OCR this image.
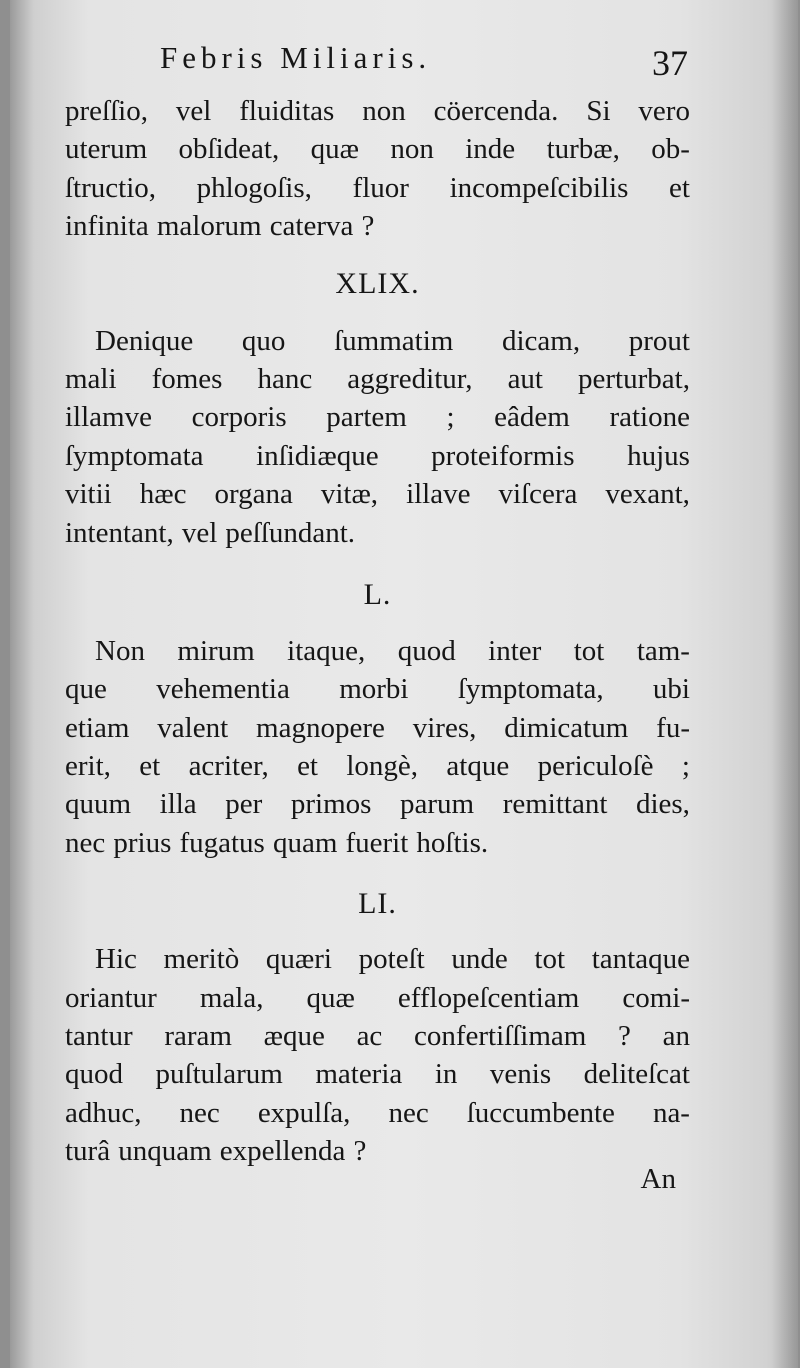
Febris Miliaris.	37
preſſio, vel fluiditas non cöercenda. Si vero
uterum obſideat, quæ non inde turbæ, ob-
ſtructio, phlogoſis, fluor incompeſcibilis et
infinita malorum caterva ?
XLIX.
Denique quo ſummatim dicam, prout
mali fomes hanc aggreditur, aut perturbat,
illamve corporis partem ; eâdem ratione
ſymptomata inſidiæque proteiformis hujus
vitii hæc organa vitæ, illave viſcera vexant,
intentant, vel peſſundant.
L.
Non mirum itaque, quod inter tot tam-
que vehementia morbi ſymptomata, ubi
etiam valent magnopere vires, dimicatum fu-
erit, et acriter, et longè, atque periculoſè ;
quum illa per primos parum remittant dies,
nec prius fugatus quam fuerit hoſtis.
LI.
Hic meritò quæri poteſt unde tot tantaque
oriantur mala, quæ efflореſcentiam comi-
tantur raram æque ac confertiſſimam ? an
quod puſtularum materia in venis deliteſcat
adhuc, nec expulſa, nec ſuccumbente na-
turâ unquam expellenda ?
An
